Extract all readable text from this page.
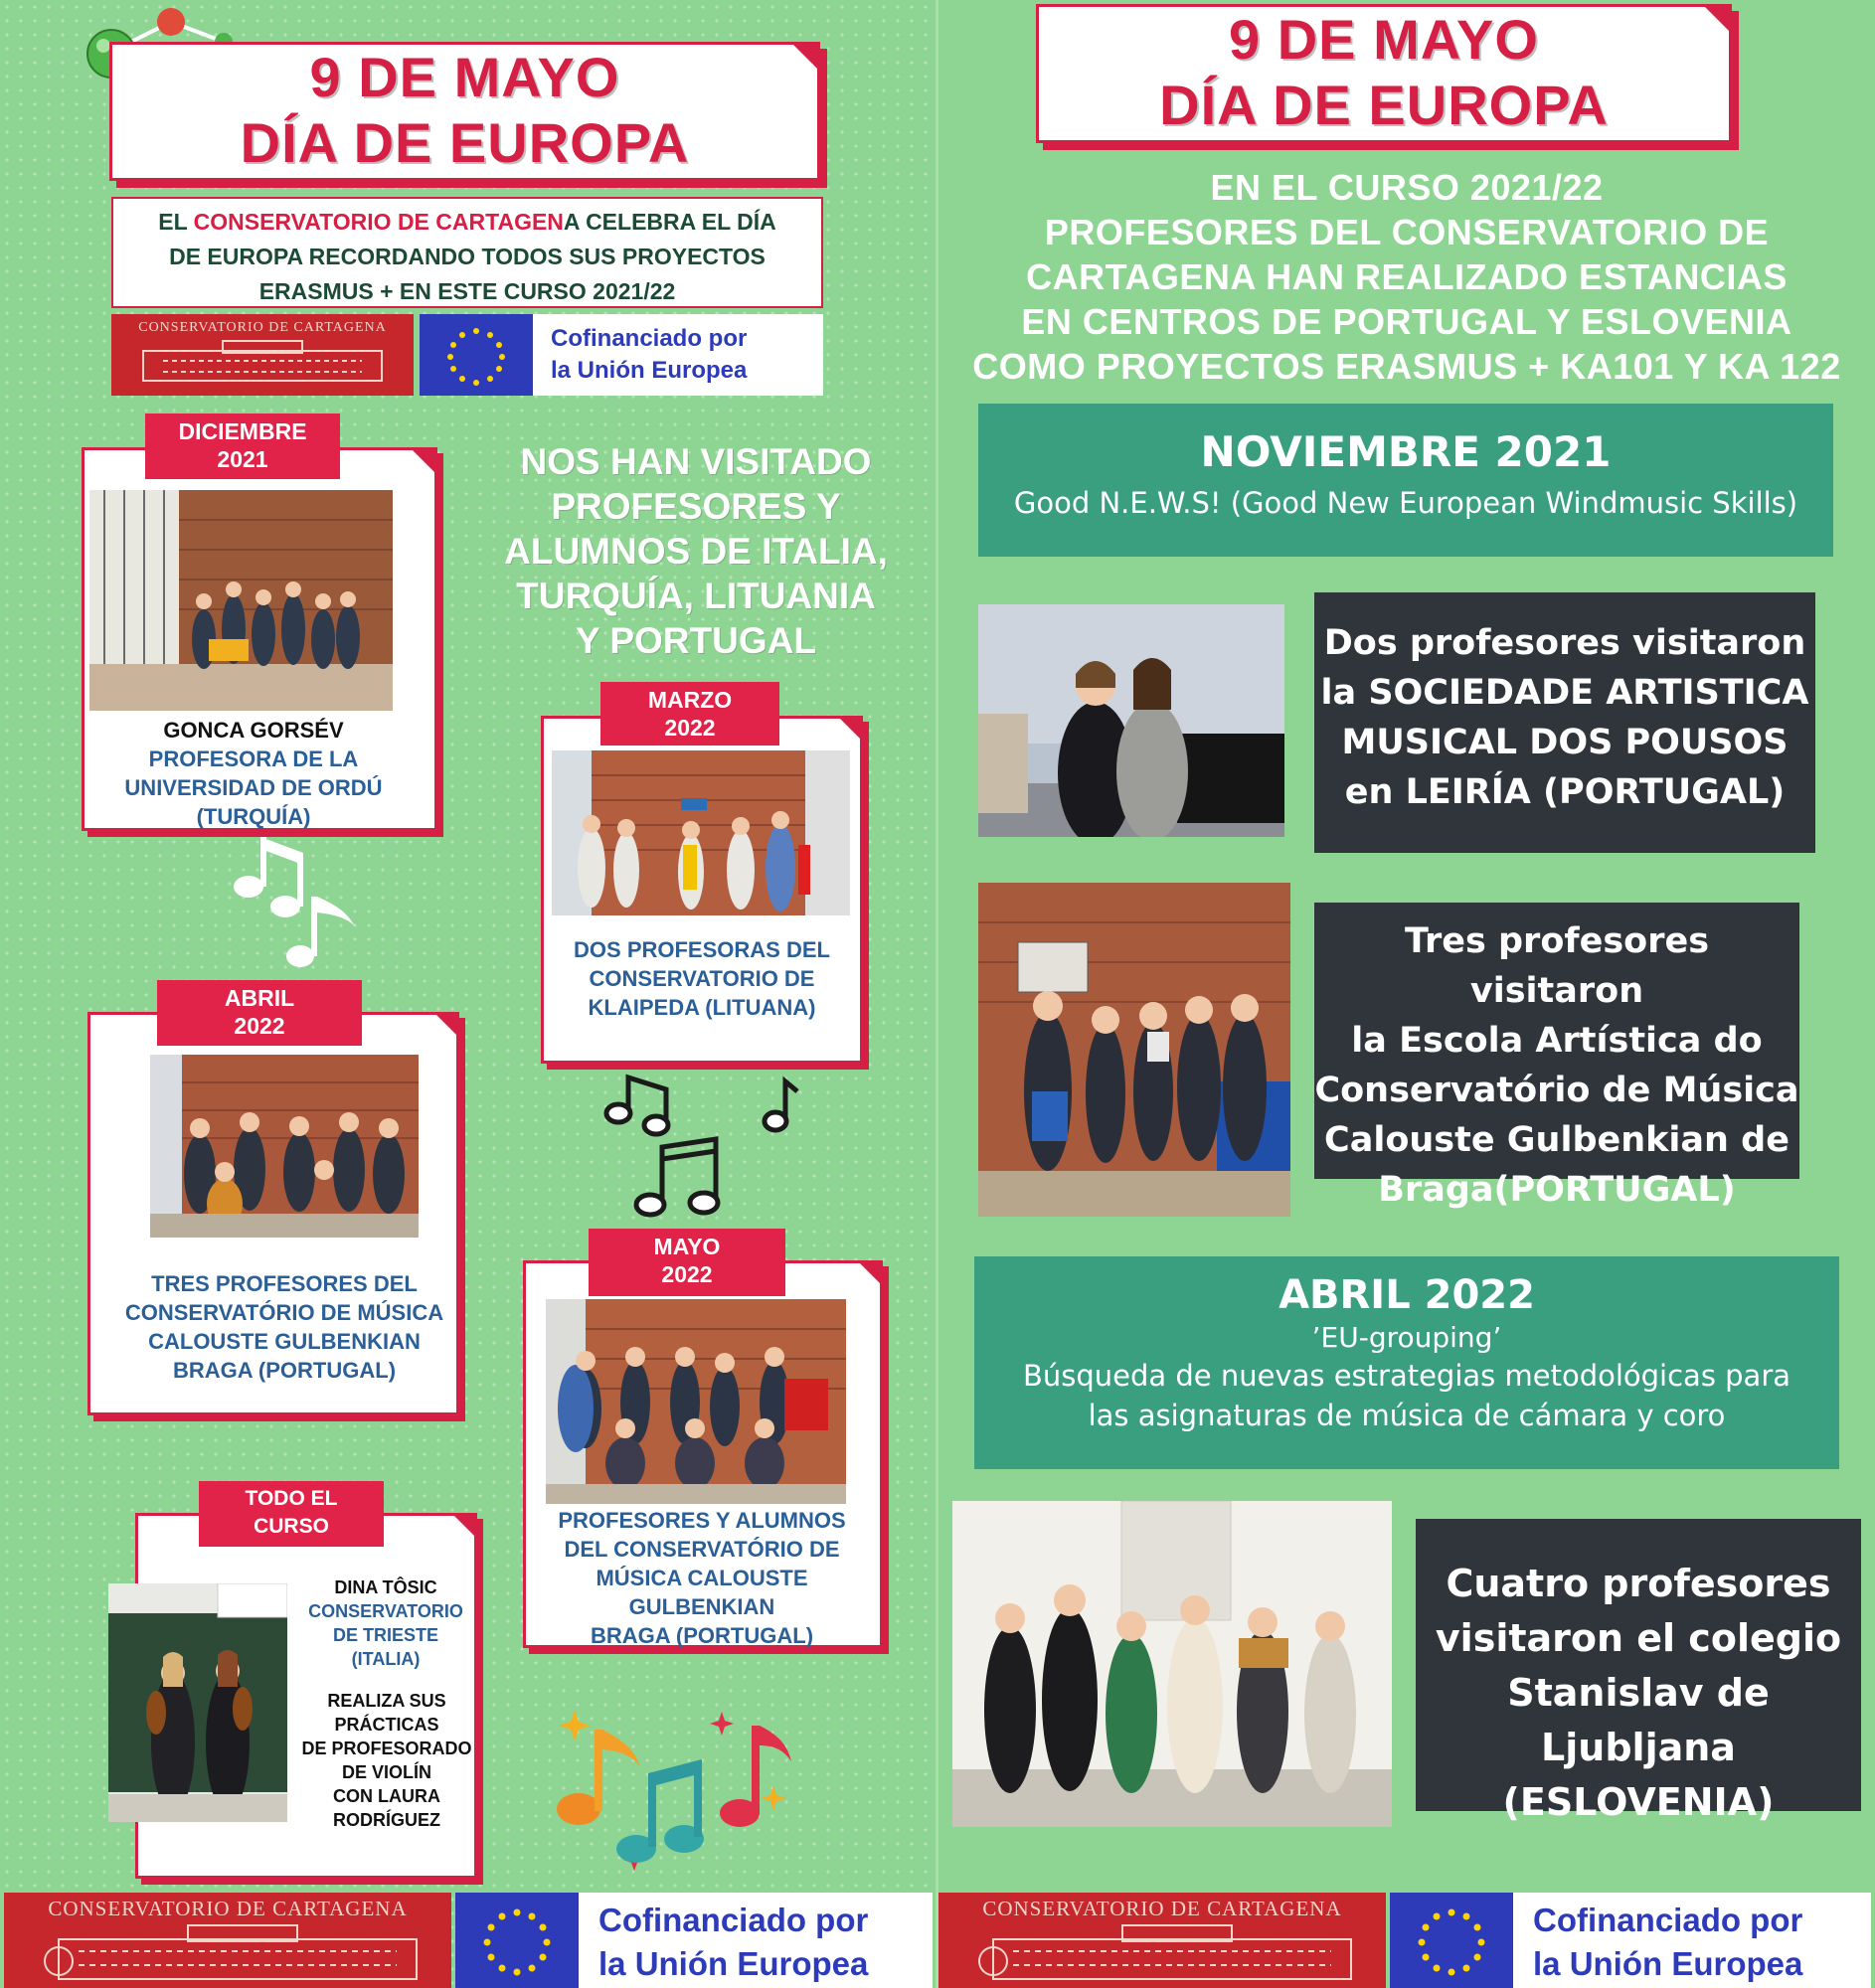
9 DE MAYO
DÍA DE EUROPA
EL CONSERVATORIO DE CARTAGENA CELEBRA EL DÍA
DE EUROPA RECORDANDO TODOS SUS PROYECTOS
ERASMUS + EN ESTE CURSO 2021/22
CONSERVATORIO DE CARTAGENA	Cofinanciado por
la Unión Europea
NOS HAN VISITADO
PROFESORES Y
ALUMNOS DE ITALIA,
TURQUÍA, LITUANIA
Y PORTUGAL
GONCA GORSÉV
PROFESORA DE LA
UNIVERSIDAD DE ORDÚ
(TURQUÍA)
DICIEMBRE
2021
DOS PROFESORAS DEL
CONSERVATORIO DE
KLAIPEDA (LITUANA)
MARZO
2022
TRES PROFESORES DEL
CONSERVATÓRIO DE MÚSICA
CALOUSTE GULBENKIAN
BRAGA (PORTUGAL)
ABRIL
2022
PROFESORES Y ALUMNOS
DEL CONSERVATÓRIO DE
MÚSICA CALOUSTE
GULBENKIAN
BRAGA (PORTUGAL)
MAYO
2022
DINA TÔSIC
CONSERVATORIO
DE TRIESTE
(ITALIA)
REALIZA SUS
PRÁCTICAS
DE PROFESORADO
DE VIOLÍN
CON LAURA
RODRÍGUEZ
TODO EL
CURSO
CONSERVATORIO DE CARTAGENA	Cofinanciado por
la Unión Europea
9 DE MAYO
DÍA DE EUROPA
EN EL CURSO 2021/22
PROFESORES DEL CONSERVATORIO DE
CARTAGENA HAN REALIZADO ESTANCIAS
EN CENTROS DE PORTUGAL Y ESLOVENIA
COMO PROYECTOS ERASMUS + KA101 Y KA 122
NOVIEMBRE 2021
Good N.E.W.S! (Good New European Windmusic Skills)
Dos profesores visitaron
la SOCIEDADE ARTISTICA
MUSICAL DOS POUSOS
en LEIRÍA (PORTUGAL)
Tres profesores visitaron
la Escola Artística do
Conservatório de Música
Calouste Gulbenkian de
Braga(PORTUGAL)
ABRIL 2022
’EU-grouping’
Búsqueda de nuevas estrategias metodológicas para
las asignaturas de música de cámara y coro
Cuatro profesores
visitaron el colegio
Stanislav de Ljubljana
(ESLOVENIA)
CONSERVATORIO DE CARTAGENA	Cofinanciado por
la Unión Europea
